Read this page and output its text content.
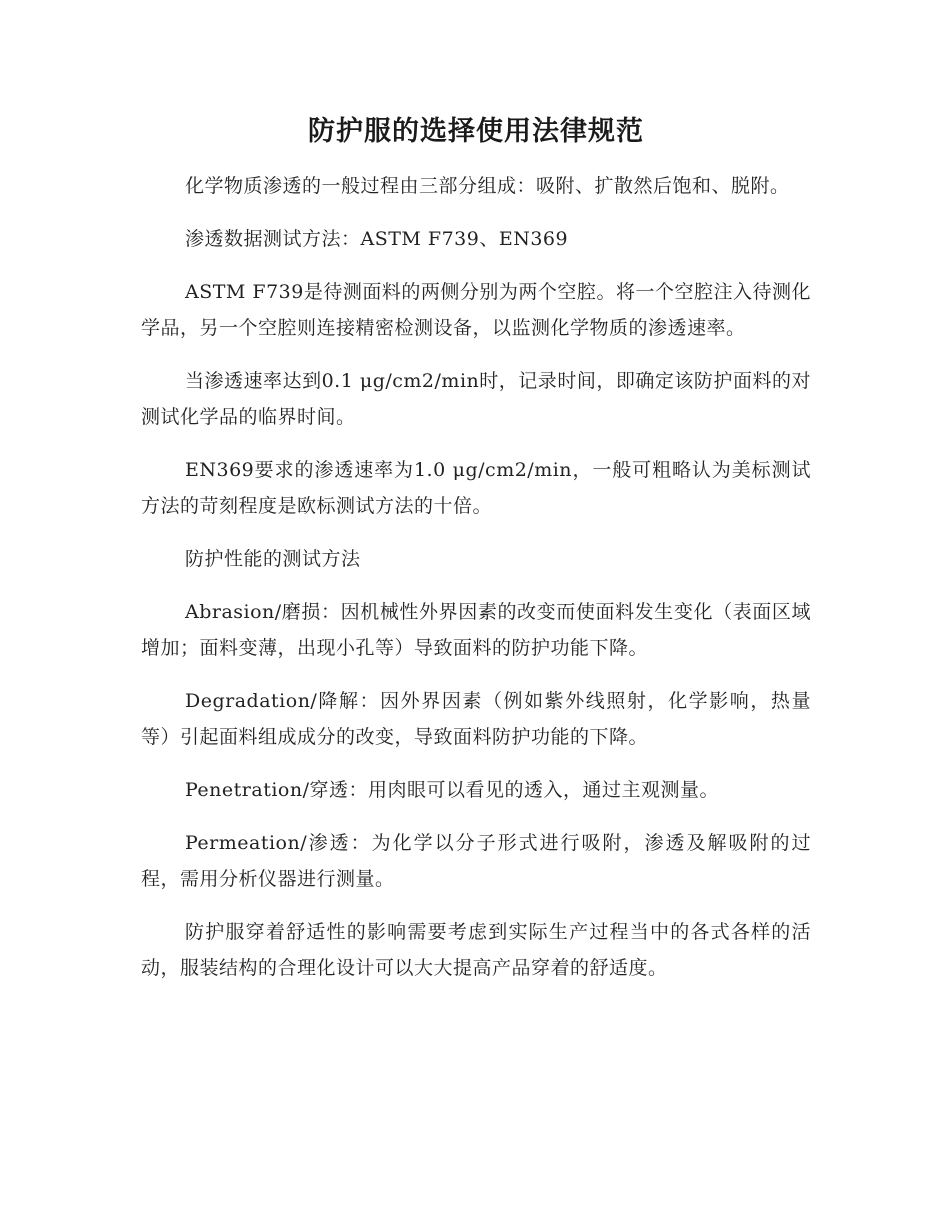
防护服的选择使用法律规范

化学物质渗透的一般过程由三部分组成：吸附、扩散然后饱和、脱附。

渗透数据测试方法：ASTM F739、EN369

ASTM F739是待测面料的两侧分别为两个空腔。将一个空腔注入待测化学品，另一个空腔则连接精密检测设备，以监测化学物质的渗透速率。

当渗透速率达到0.1 μg/cm2/min时，记录时间，即确定该防护面料的对测试化学品的临界时间。

EN369要求的渗透速率为1.0 μg/cm2/min，一般可粗略认为美标测试方法的苛刻程度是欧标测试方法的十倍。

防护性能的测试方法

Abrasion/磨损：因机械性外界因素的改变而使面料发生变化（表面区域增加；面料变薄，出现小孔等）导致面料的防护功能下降。

Degradation/降解：因外界因素（例如紫外线照射，化学影响，热量等）引起面料组成成分的改变，导致面料防护功能的下降。

Penetration/穿透：用肉眼可以看见的透入，通过主观测量。

Permeation/渗透：为化学以分子形式进行吸附，渗透及解吸附的过程，需用分析仪器进行测量。

防护服穿着舒适性的影响需要考虑到实际生产过程当中的各式各样的活动，服装结构的合理化设计可以大大提高产品穿着的舒适度。
